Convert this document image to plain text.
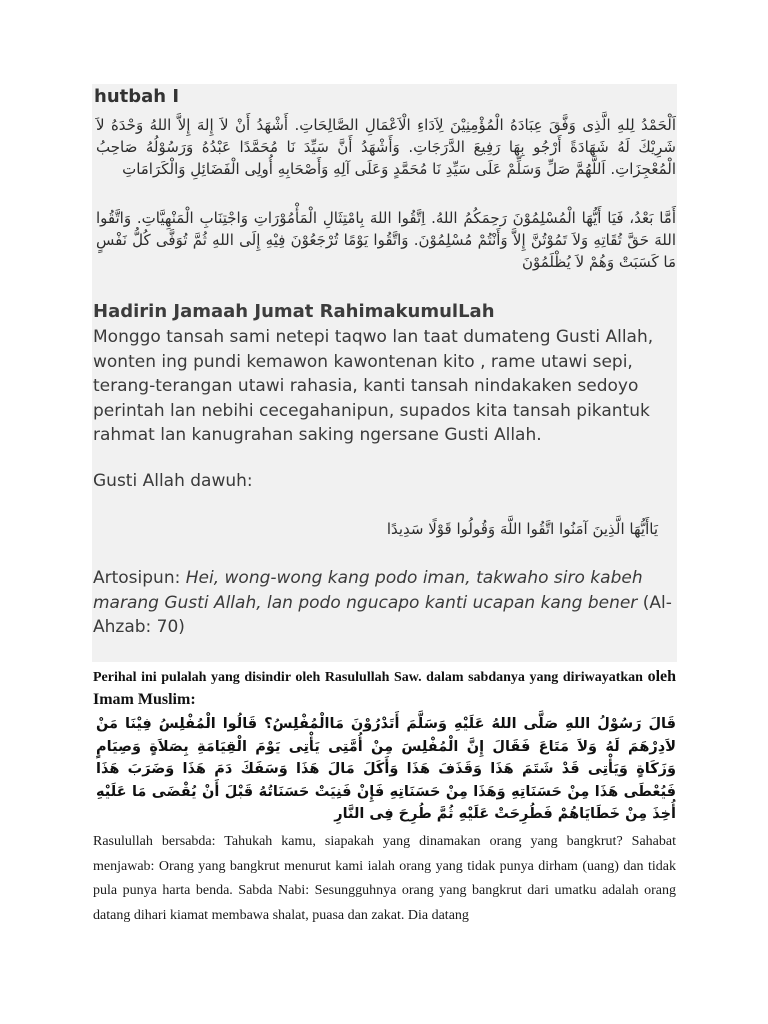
hutbah I

اَلْحَمْدُ لِلهِ الَّذِى وَفَّقَ عِبَادَهُ الْمُؤْمِنِيْنَ لِاَدَاءِ الْاَعْمَالِ الصَّالِحَاتِ. أَشْهَدُ أَنْ لاَ إِلهَ إِلاَّ اللهُ وَحْدَهُ لاَ شَرِيْكَ لَهُ شَهَادَةً أَرْجُو بِهَا رَفِيعَ الدَّرَجَاتِ. وَأَشْهَدُ أَنَّ سَيِّدَ نَا مُحَمَّدًا عَبْدُهُ وَرَسُوْلُهُ صَاحِبُ الْمُعْجِزَاتِ. اَللَّهُمَّ صَلِّ وَسَلِّمْ عَلَى سَيِّدِ نَا مُحَمَّدٍ وَعَلَى آلِهِ وَأَصْحَابِهِ أُولِى الْفَضَائِلِ وَالْكَرَامَاتِ

أَمَّا بَعْدُ، فَيَا أَيُّهَا الْمُسْلِمُوْنَ رَحِمَكُمُ اللهُ. اِتَّقُوا اللهَ بِامْتِثَالِ الْمَأْمُوْرَاتِ وَاجْتِنَابِ الْمَنْهِيَّاتِ. وَاتَّقُوا اللهَ حَقَّ تُقَاتِهِ وَلاَ تَمُوْتُنَّ إِلاَّ وَأَنْتُمْ مُسْلِمُوْنَ. وَاتَّقُوا يَوْمًا تُرْجَعُوْنَ فِيْهِ إِلَى اللهِ ثُمَّ تُوَفَّى كُلُّ نَفْسٍ مَا كَسَبَتْ وَهُمْ لاَ يُظْلَمُوْنَ

Hadirin Jamaah Jumat RahimakumulLah

Monggo tansah sami netepi taqwo lan taat dumateng Gusti Allah, wonten ing pundi kemawon kawontenan kito , rame utawi sepi, terang-terangan utawi rahasia, kanti tansah nindakaken sedoyo perintah lan nebihi cecegahanipun, supados kita tansah pikantuk rahmat lan kanugrahan saking ngersane Gusti Allah.

Gusti Allah dawuh:

يَاأَيُّهَا الَّذِينَ آمَنُوا اتَّقُوا اللَّهَ وَقُولُوا قَوْلًا سَدِيدًا

Artosipun: Hei, wong-wong kang podo iman, takwaho siro kabeh marang Gusti Allah, lan podo ngucapo kanti ucapan kang bener (Al-Ahzab: 70)

Perihal ini pulalah yang disindir oleh Rasulullah Saw. dalam sabdanya yang diriwayatkan oleh Imam Muslim:

قَالَ رَسُوْلُ اللهِ صَلَّى اللهُ عَلَيْهِ وَسَلَّمَ أَتَدْرُوْنَ مَاالْمُفْلِسُ؟ قَالُوا الْمُفْلِسُ فِيْنَا مَنْ لاَدِرْهَمَ لَهُ وَلاَ مَتَاعَ فَقَالَ إِنَّ الْمُفْلِسَ مِنْ أُمَّتِى يَأْتِى يَوْمَ الْقِيَامَةِ بِصَلاَةٍ وَصِيَامٍ وَزَكَاةٍ وَيَأْتِى قَدْ شَتَمَ هَذَا وَقَذَفَ هَذَا وَأَكَلَ مَالَ هَذَا وَسَفَكَ دَمَ هَذَا وَضَرَبَ هَذَا فَيُعْطَى هَذَا مِنْ حَسَنَاتِهِ وَهَذَا مِنْ حَسَنَاتِهِ فَإِنْ فَنِيَتْ حَسَنَاتُهُ قَبْلَ أَنْ يُقْضَى مَا عَلَيْهِ أُخِذَ مِنْ خَطَايَاهُمْ فَطُرِحَتْ عَلَيْهِ ثُمَّ طُرِحَ فِى النَّارِ

Rasulullah bersabda: Tahukah kamu, siapakah yang dinamakan orang yang bangkrut? Sahabat menjawab: Orang yang bangkrut menurut kami ialah orang yang tidak punya dirham (uang) dan tidak pula punya harta benda. Sabda Nabi: Sesungguhnya orang yang bangkrut dari umatku adalah orang datang dihari kiamat membawa shalat, puasa dan zakat. Dia datang
